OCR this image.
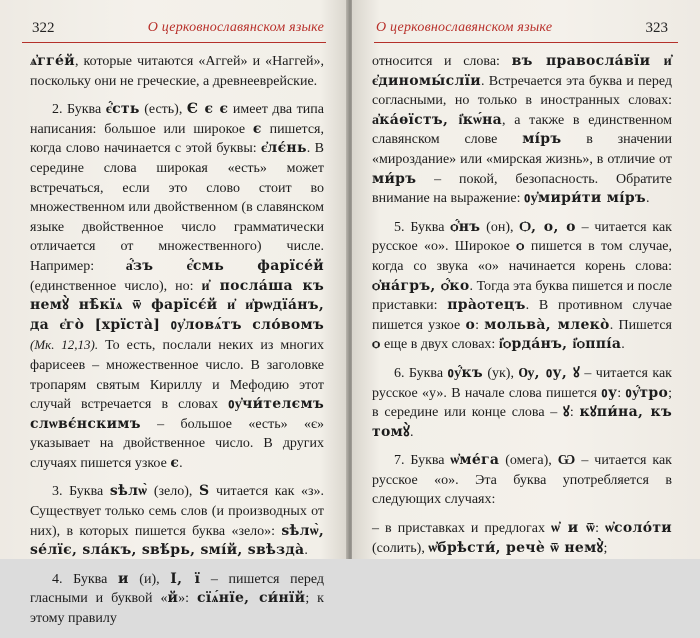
322	О церковнославянском языке

ѧ҆гге́й, которые читаются «Аггей» и «Наггей», поскольку они не греческие, а древнееврейские.

2. Буква є҆́сть (есть), Є є є имеет два типа написания: большое или широкое є пишется, когда слово начинается с этой буквы: є҆лє́нь. В середине слова широкая «есть» может встречаться, если это слово стоит во множественном или двойственном (в славянском языке двойственное число грамматически отличается от множественного) числе. Например: а҆́зъ є҆́смь фарїсе́й (единственное число), но: и҆ посла́ша къ немꙋ̀ нѣ̑кїѧ ѿ фарїсє́й и҆ и҆рѡдїа́нъ, да є҆го̀ [хрїста̀] ᲂу҆ловѧ́тъ сло́вомъ (Мк. 12,13). То есть, послали неких из многих фарисеев – множественное число. В заголовке тропарям святым Кириллу и Мефодию этот случай встречается в словах ᲂу҆чи́телємъ слѡвє́нскимъ – большое «есть» «є» указывает на двойственное число. В других случаях пишется узкое є.

3. Буква ѕѣлѡ̀ (зело), Ѕ читается как «з». Существует только семь слов (и производных от них), в которых пишется буква «зело»: ѕѣлѡ̀, ѕе́лїє, ѕла́къ, ѕвѣ́рь, ѕмі́й, ѕвѣзда̀.

4. Буква и (и), І, ї – пишется перед гласными и буквой «й»: сїѧ́нїе, си́нїй; к этому правилу

О церковнославянском языке	323

относится и слова: въ правосла́вїи и҆ є҆диномы́слїи. Встречается эта буква и перед согласными, но только в иностранных словах: а҆ка́ѳїстъ, і҆кѡ́на, а также в единственном славянском слове мі́ръ в значении «мироздание» или «мирская жизнь», в отличие от ми́ръ – покой, безопасность. Обратите внимание на выражение: ᲂу҆мири́ти мі́ръ.

5. Буква ѻ҆́нъ (он), Ѻ, о, о – читается как русское «о». Широкое ѻ пишется в том случае, когда со звука «о» начинается корень слова: ѻ҆на́гръ, ѻ҆́ко. Тогда эта буква пишется и после приставки: пра̀ѻтецъ. В противном случае пишется узкое о: мольва̀, млеко̀. Пишется ѻ еще в двух словах: і҆ѻрда́нъ, і҆ѻппі́а.

6. Буква ᲂу҆́къ (ук), Ѹ, ᲂу, ꙋ – читается как русское «у». В начале слова пишется ᲂу: ᲂу҆́тро; в середине или конце слова – ꙋ: кꙋпи́на, къ томꙋ̀.

7. Буква ѡ҆ме́га (омега), Ѡ – читается как русское «о». Эта буква употребляется в следующих случаях:

– в приставках и предлогах ѡ҆ и ѿ: ѡ҆соло́ти (солить), ѡ҆брѣсти́, речѐ ѿ немꙋ̀;
